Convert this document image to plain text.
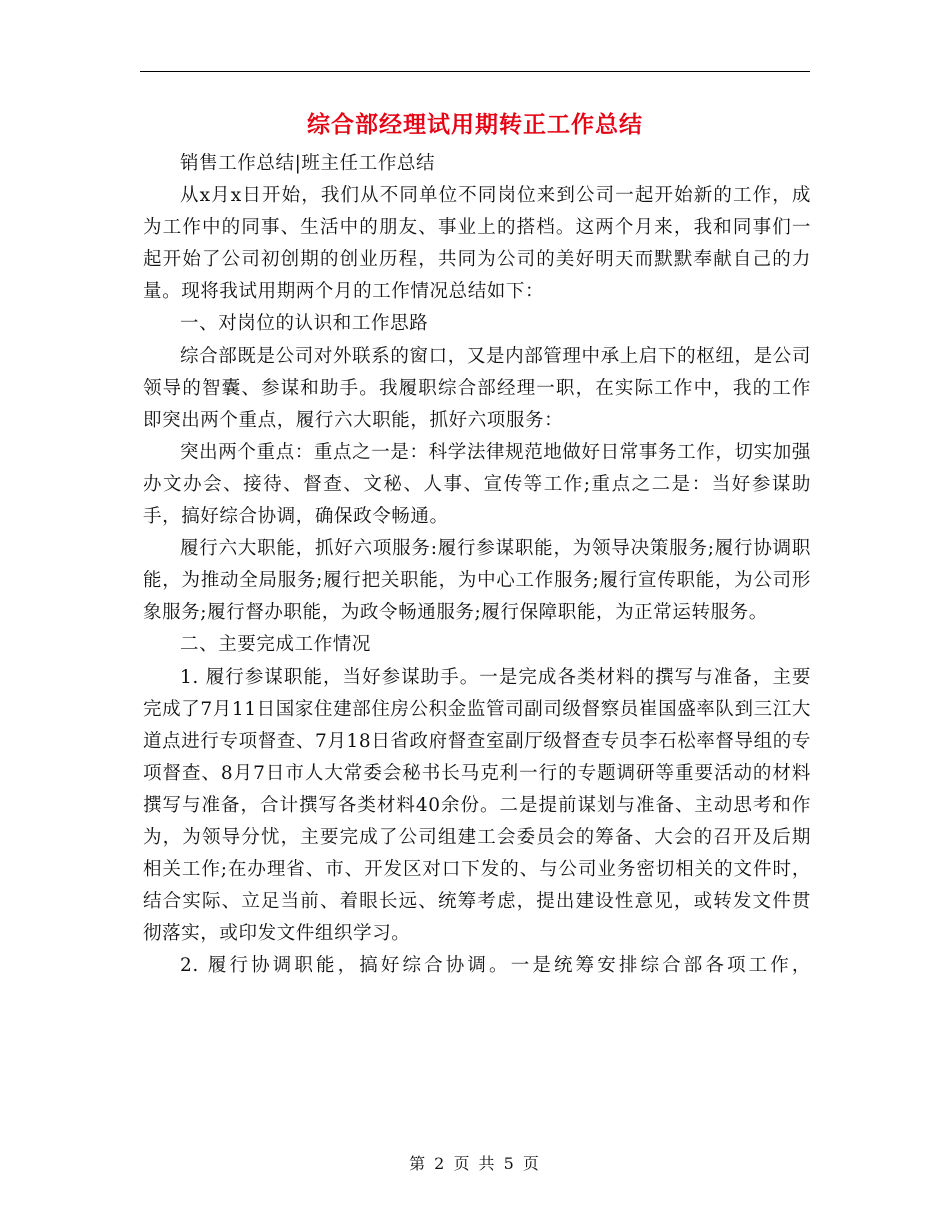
综合部经理试用期转正工作总结

销售工作总结|班主任工作总结

从x月x日开始，我们从不同单位不同岗位来到公司一起开始新的工作，成为工作中的同事、生活中的朋友、事业上的搭档。这两个月来，我和同事们一起开始了公司初创期的创业历程，共同为公司的美好明天而默默奉献自己的力量。现将我试用期两个月的工作情况总结如下：

一、对岗位的认识和工作思路

综合部既是公司对外联系的窗口，又是内部管理中承上启下的枢纽，是公司领导的智囊、参谋和助手。我履职综合部经理一职，在实际工作中，我的工作即突出两个重点，履行六大职能，抓好六项服务：

突出两个重点：重点之一是：科学法律规范地做好日常事务工作，切实加强办文办会、接待、督查、文秘、人事、宣传等工作;重点之二是：当好参谋助手，搞好综合协调，确保政令畅通。

履行六大职能，抓好六项服务:履行参谋职能，为领导决策服务;履行协调职能，为推动全局服务;履行把关职能，为中心工作服务;履行宣传职能，为公司形象服务;履行督办职能，为政令畅通服务;履行保障职能，为正常运转服务。

二、主要完成工作情况

1. 履行参谋职能，当好参谋助手。一是完成各类材料的撰写与准备，主要完成了7月11日国家住建部住房公积金监管司副司级督察员崔国盛率队到三江大道点进行专项督查、7月18日省政府督查室副厅级督查专员李石松率督导组的专项督查、8月7日市人大常委会秘书长马克利一行的专题调研等重要活动的材料撰写与准备，合计撰写各类材料40余份。二是提前谋划与准备、主动思考和作为，为领导分忧，主要完成了公司组建工会委员会的筹备、大会的召开及后期相关工作;在办理省、市、开发区对口下发的、与公司业务密切相关的文件时，结合实际、立足当前、着眼长远、统筹考虑，提出建设性意见，或转发文件贯彻落实，或印发文件组织学习。

2. 履行协调职能，搞好综合协调。一是统筹安排综合部各项工作，

第 2 页 共 5 页
